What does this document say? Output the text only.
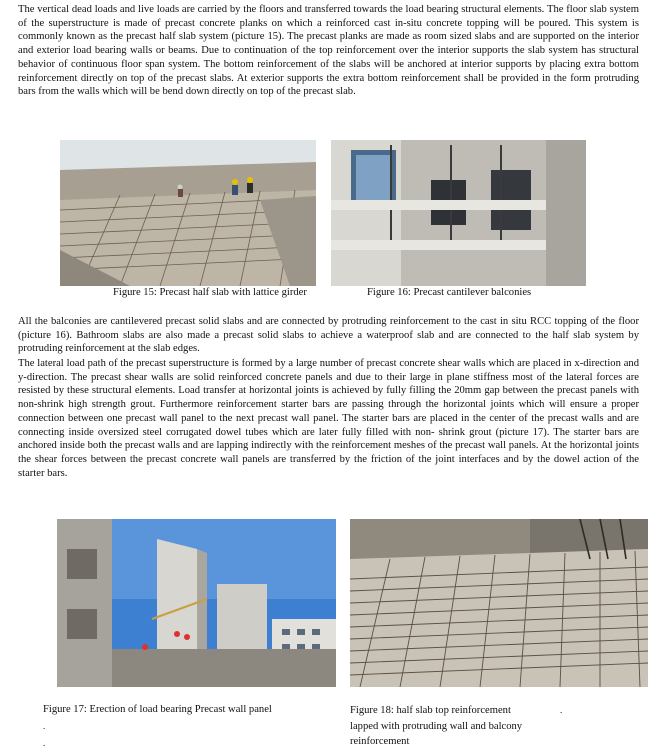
The vertical dead loads and live loads are carried by the floors and transferred towards the load bearing structural elements. The floor slab system of the superstructure is made of precast concrete planks on which a reinforced cast in-situ concrete topping will be poured. This system is commonly known as the precast half slab system (picture 15). The precast planks are made as room sized slabs and are supported on the interior and exterior load bearing walls or beams. Due to continuation of the top reinforcement over the interior supports the slab system has structural behavior of continuous floor span system. The bottom reinforcement of the slabs will be anchored at interior supports by placing extra bottom reinforcement directly on top of the precast slabs. At exterior supports the extra bottom reinforcement shall be provided in the form protruding bars from the walls which will be bend down directly on top of the precast slab.

Figure 15: Precast half slab with lattice girder	Figure 16: Precast cantilever balconies

All the balconies are cantilevered precast solid slabs and are connected by protruding reinforcement to the cast in situ RCC topping of the floor (picture 16). Bathroom slabs are also made a precast solid slabs to achieve a waterproof slab and are connected to the half slab system by protruding reinforcement at the slab edges.

The lateral load path of the precast superstructure is formed by a large number of precast concrete shear walls which are placed in x-direction and y-direction. The precast shear walls are solid reinforced concrete panels and due to their large in plane stiffness most of the lateral forces are resisted by these structural elements. Load transfer at horizontal joints is achieved by fully filling the 20mm gap between the precast panels with non-shrink high strength grout. Furthermore reinforcement starter bars are passing through the horizontal joints which will ensure a proper connection between one precast wall panel to the next precast wall panel. The starter bars are placed in the center of the precast walls and are connecting inside oversized steel corrugated dowel tubes which are later fully filled with non- shrink grout (picture 17). The starter bars are anchored inside both the precast walls and are lapping indirectly with the reinforcement meshes of the precast wall panels. At the horizontal joints the shear forces between the precast concrete wall panels are transferred by the friction of the joint interfaces and by the dowel action of the starter bars.

Figure 17: Erection of load bearing Precast wall panel

.
.
Figure 18: half slab top reinforcement
lapped with protruding wall and balcony
reinforcement
.
